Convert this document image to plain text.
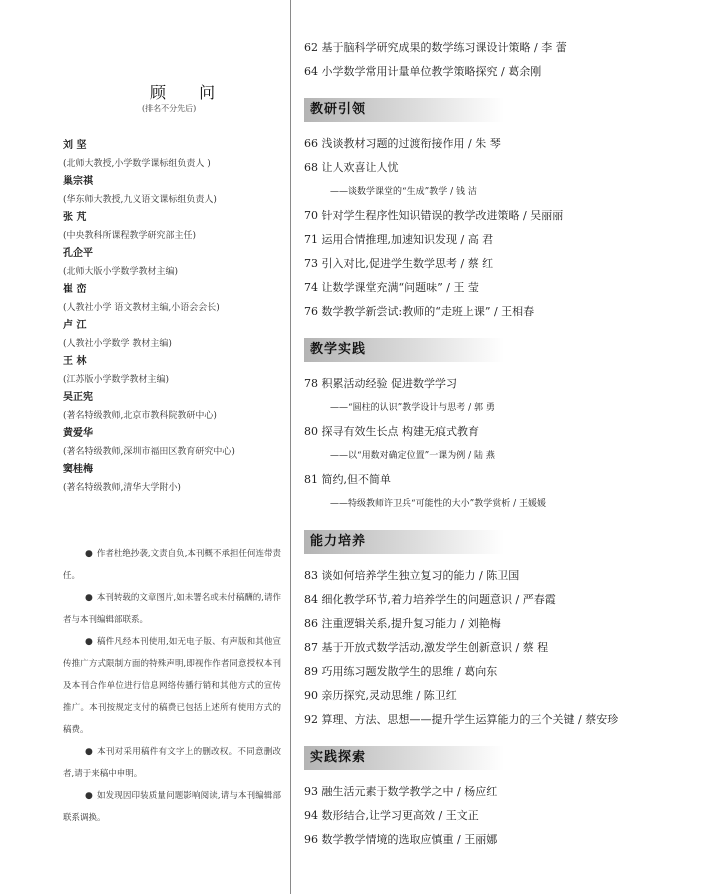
顾 问
(排名不分先后)
刘 坚
(北师大教授,小学数学课标组负责人 )
巢宗祺
(华东师大教授,九义语文课标组负责人)
张 芃
(中央教科所课程教学研究部主任)
孔企平
(北师大版小学数学教材主编)
崔 峦
(人教社小学 语文教材主编,小语会会长)
卢 江
(人教社小学数学 教材主编)
王 林
(江苏版小学数学教材主编)
吴正宪
(著名特级教师,北京市教科院教研中心)
黄爱华
(著名特级教师,深圳市福田区教育研究中心)
窦桂梅
(著名特级教师,清华大学附小)
● 作者杜绝抄袭,文责自负,本刊概不承担任何连带责任。
● 本刊转载的文章图片,如未署名或未付稿酬的,请作者与本刊编辑部联系。
● 稿件凡经本刊使用,如无电子版、有声版和其他宣传推广方式限制方面的特殊声明,即视作作者同意授权本刊及本刊合作单位进行信息网络传播行销和其他方式的宣传推广。本刊按规定支付的稿费已包括上述所有使用方式的稿费。
● 本刊对采用稿件有文字上的删改权。不同意删改者,请于来稿中申明。
● 如发现因印装质量问题影响阅读,请与本刊编辑部联系调换。
62 基于脑科学研究成果的数学练习课设计策略 / 李 蕾
64 小学数学常用计量单位教学策略探究 / 葛余刚
教研引领
66 浅谈教材习题的过渡衔接作用 / 朱 琴
68 让人欢喜让人忧
——谈数学课堂的“生成”教学 / 钱 洁
70 针对学生程序性知识错误的教学改进策略 / 吴丽丽
71 运用合情推理,加速知识发现 / 高 君
73 引入对比,促进学生数学思考 / 蔡 红
74 让数学课堂充满“问题味” / 王 莹
76 数学教学新尝试:教师的“走班上课” / 王相春
教学实践
78 积累活动经验 促进数学学习
——“圆柱的认识”教学设计与思考 / 郭 勇
80 探寻有效生长点 构建无痕式教育
——以“用数对确定位置”一课为例 / 陆 燕
81 简约,但不简单
——特级教师许卫兵“可能性的大小”教学赏析 / 王媛媛
能力培养
83 谈如何培养学生独立复习的能力 / 陈卫国
84 细化教学环节,着力培养学生的问题意识 / 严春霞
86 注重逻辑关系,提升复习能力 / 刘艳梅
87 基于开放式数学活动,激发学生创新意识 / 蔡 程
89 巧用练习题发散学生的思维 / 葛向东
90 亲历探究,灵动思维 / 陈卫红
92 算理、方法、思想——提升学生运算能力的三个关键 / 蔡安珍
实践探索
93 融生活元素于数学教学之中 / 杨应红
94 数形结合,让学习更高效 / 王文正
96 数学教学情境的选取应慎重 / 王丽娜
